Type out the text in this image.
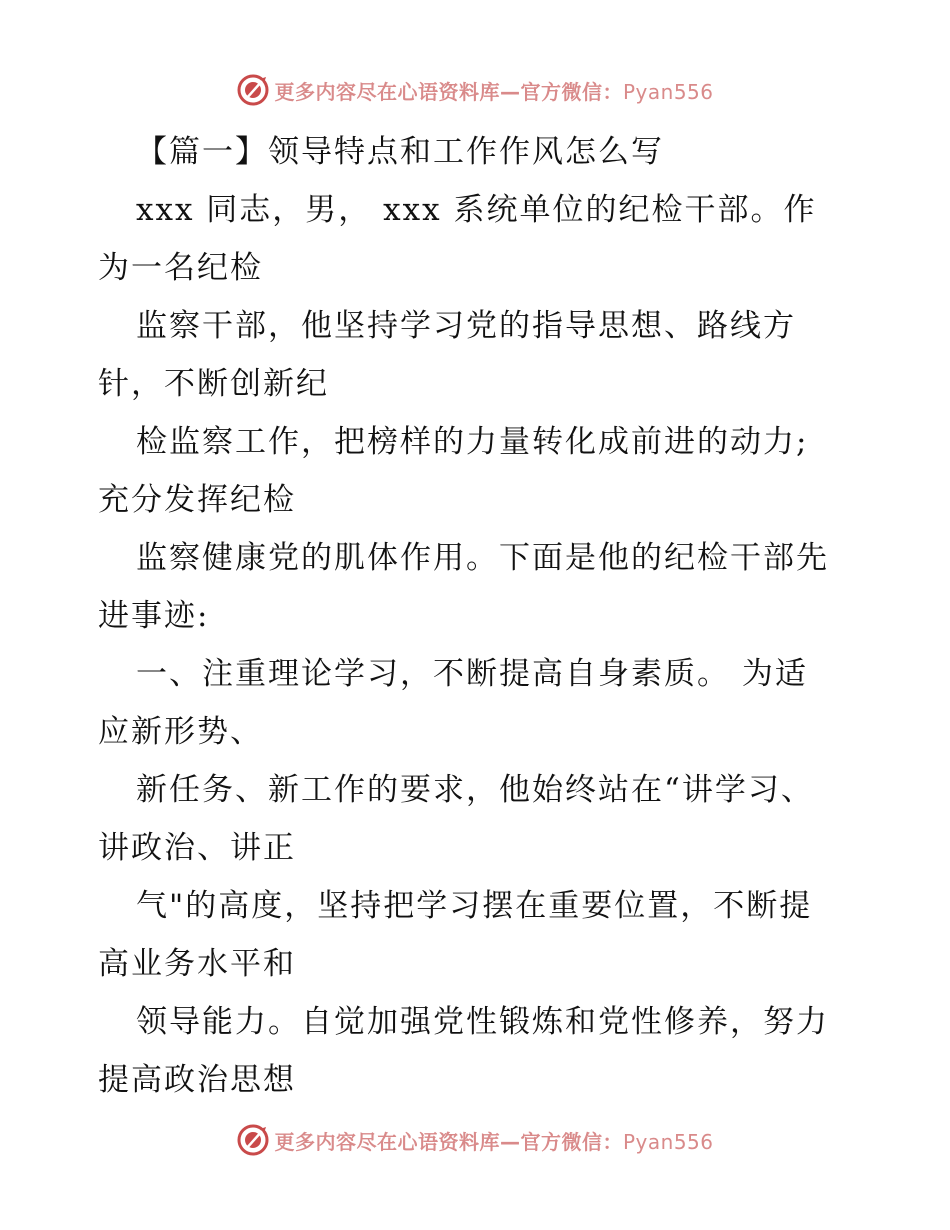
更多内容尽在心语资料库—官方微信：Pyan556
【篇一】领导特点和工作作风怎么写
xxx 同志，男， xxx 系统单位的纪检干部。作
为一名纪检
监察干部，他坚持学习党的指导思想、路线方
针，不断创新纪
检监察工作，把榜样的力量转化成前进的动力;
充分发挥纪检
监察健康党的肌体作用。下面是他的纪检干部先
进事迹:
一、注重理论学习，不断提高自身素质。 为适
应新形势、
新任务、新工作的要求，他始终站在“讲学习、
讲政治、讲正
气"的高度，坚持把学习摆在重要位置，不断提
高业务水平和
领导能力。自觉加强党性锻炼和党性修养，努力
提高政治思想
更多内容尽在心语资料库—官方微信：Pyan556
